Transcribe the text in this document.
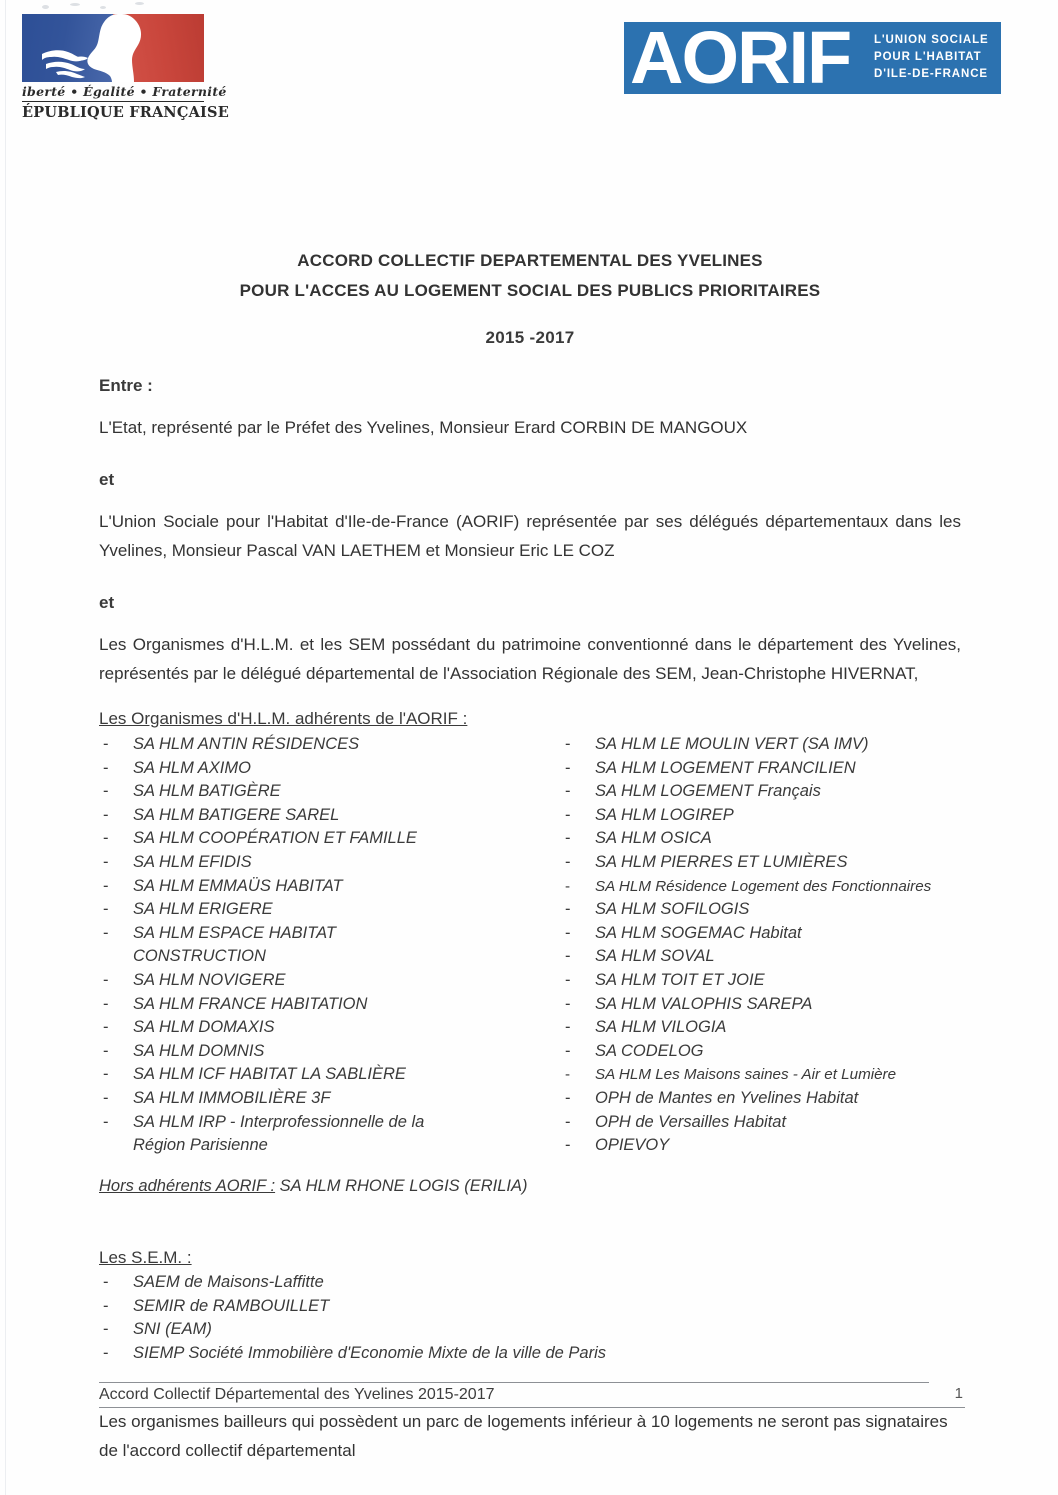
iberté • Égalité • Fraternité
ÉPUBLIQUE FRANÇAISE
AORIF L'UNION SOCIALE
POUR L'HABITAT
D'ILE-DE-FRANCE
ACCORD COLLECTIF DEPARTEMENTAL DES YVELINES
POUR L'ACCES AU LOGEMENT SOCIAL DES PUBLICS PRIORITAIRES
2015 -2017
Entre :

L'Etat, représenté par le Préfet des Yvelines, Monsieur Erard CORBIN DE MANGOUX

et

L'Union Sociale pour l'Habitat d'Ile-de-France (AORIF) représentée par ses délégués départementaux dans les Yvelines, Monsieur Pascal VAN LAETHEM et Monsieur Eric LE COZ

et

Les Organismes d'H.L.M. et les SEM possédant du patrimoine conventionné dans le département des Yvelines, représentés par le délégué départemental de l'Association Régionale des SEM, Jean-Christophe HIVERNAT,

Les Organismes d'H.L.M. adhérents de l'AORIF :
- SA HLM ANTIN RÉSIDENCES
- SA HLM AXIMO
- SA HLM BATIGÈRE
- SA HLM BATIGERE SAREL
- SA HLM COOPÉRATION ET FAMILLE
- SA HLM EFIDIS
- SA HLM EMMAÜS HABITAT
- SA HLM ERIGERE
- SA HLM ESPACE HABITAT
CONSTRUCTION
- SA HLM NOVIGERE
- SA HLM FRANCE HABITATION
- SA HLM DOMAXIS
- SA HLM DOMNIS
- SA HLM ICF HABITAT LA SABLIÈRE
- SA HLM IMMOBILIÈRE 3F
- SA HLM IRP - Interprofessionnelle de la
Région Parisienne
- SA HLM LE MOULIN VERT (SA IMV)
- SA HLM LOGEMENT FRANCILIEN
- SA HLM LOGEMENT Français
- SA HLM LOGIREP
- SA HLM OSICA
- SA HLM PIERRES ET LUMIÈRES
- SA HLM Résidence Logement des Fonctionnaires
- SA HLM SOFILOGIS
- SA HLM SOGEMAC Habitat
- SA HLM SOVAL
- SA HLM TOIT ET JOIE
- SA HLM VALOPHIS SAREPA
- SA HLM VILOGIA
- SA CODELOG
- SA HLM Les Maisons saines - Air et Lumière
- OPH de Mantes en Yvelines Habitat
- OPH de Versailles Habitat
- OPIEVOY
Hors adhérents AORIF : SA HLM RHONE LOGIS (ERILIA)
Les S.E.M. :
- SAEM de Maisons-Laffitte
- SEMIR de RAMBOUILLET
- SNI (EAM)
- SIEMP Société Immobilière d'Economie Mixte de la ville de Paris

Les organismes bailleurs qui possèdent un parc de logements inférieur à 10 logements ne seront pas signataires de l'accord collectif départemental

Accord Collectif Départemental des Yvelines 2015-2017	1
